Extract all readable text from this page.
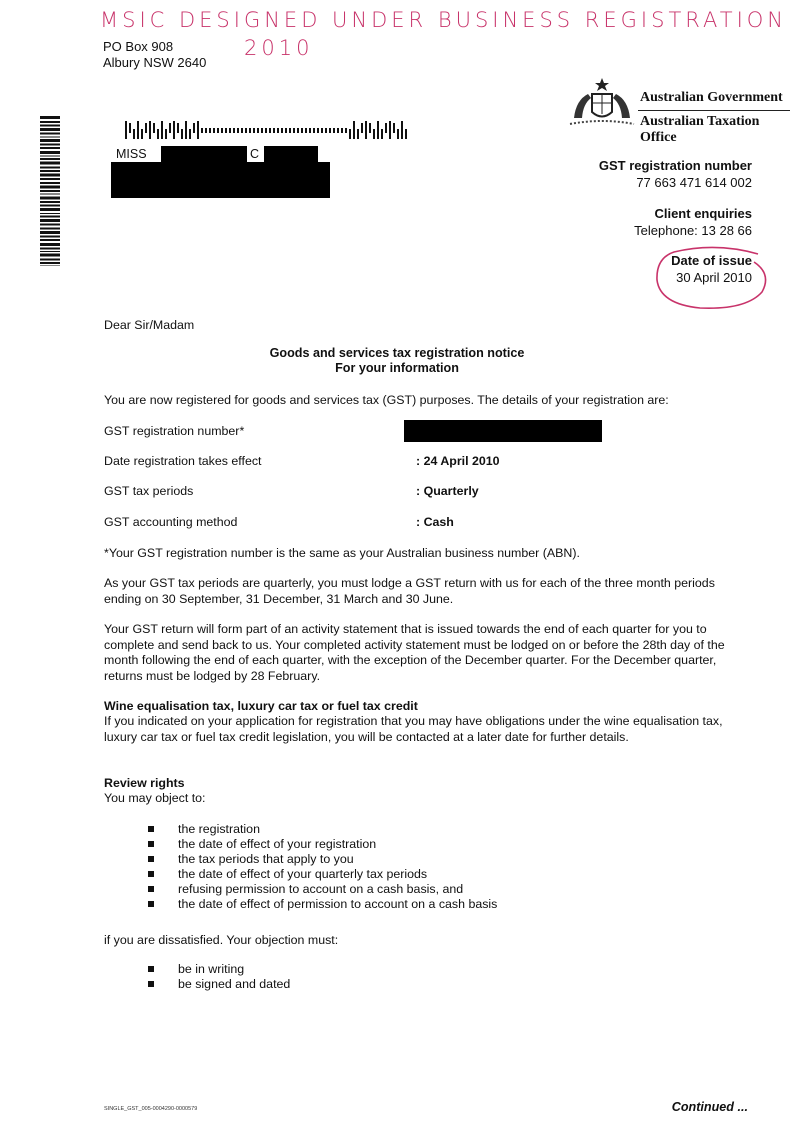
MSIC DESIGNED UNDER BUSINESS REGISTRATION
2010
PO Box 908
Albury NSW 2640
MISS	C
Australian Government
Australian Taxation Office
GST registration number
77 663 471 614 002
Client enquiries
Telephone: 13 28 66
Date of issue
30 April 2010
Dear Sir/Madam
Goods and services tax registration notice
For your information
You are now registered for goods and services tax (GST) purposes. The details of your registration are:
GST registration number*
Date registration takes effect	: 24 April 2010
GST tax periods	: Quarterly
GST accounting method	: Cash
*Your GST registration number is the same as your Australian business number (ABN).
As your GST tax periods are quarterly, you must lodge a GST return with us for each of the three month periods ending on 30 September, 31 December, 31 March and 30 June.
Your GST return will form part of an activity statement that is issued towards the end of each quarter for you to complete and send back to us. Your completed activity statement must be lodged on or before the 28th day of the month following the end of each quarter, with the exception of the December quarter. For the December quarter, returns must be lodged by 28 February.
Wine equalisation tax, luxury car tax or fuel tax credit
If you indicated on your application for registration that you may have obligations under the wine equalisation tax, luxury car tax or fuel tax credit legislation, you will be contacted at a later date for further details.
Review rights
You may object to:
the registration
the date of effect of your registration
the tax periods that apply to you
the date of effect of your quarterly tax periods
refusing permission to account on a cash basis, and
the date of effect of permission to account on a cash basis
if you are dissatisfied. Your objection must:
be in writing
be signed and dated
SINGLE_GST_005-0004290-0000579	Continued ...
